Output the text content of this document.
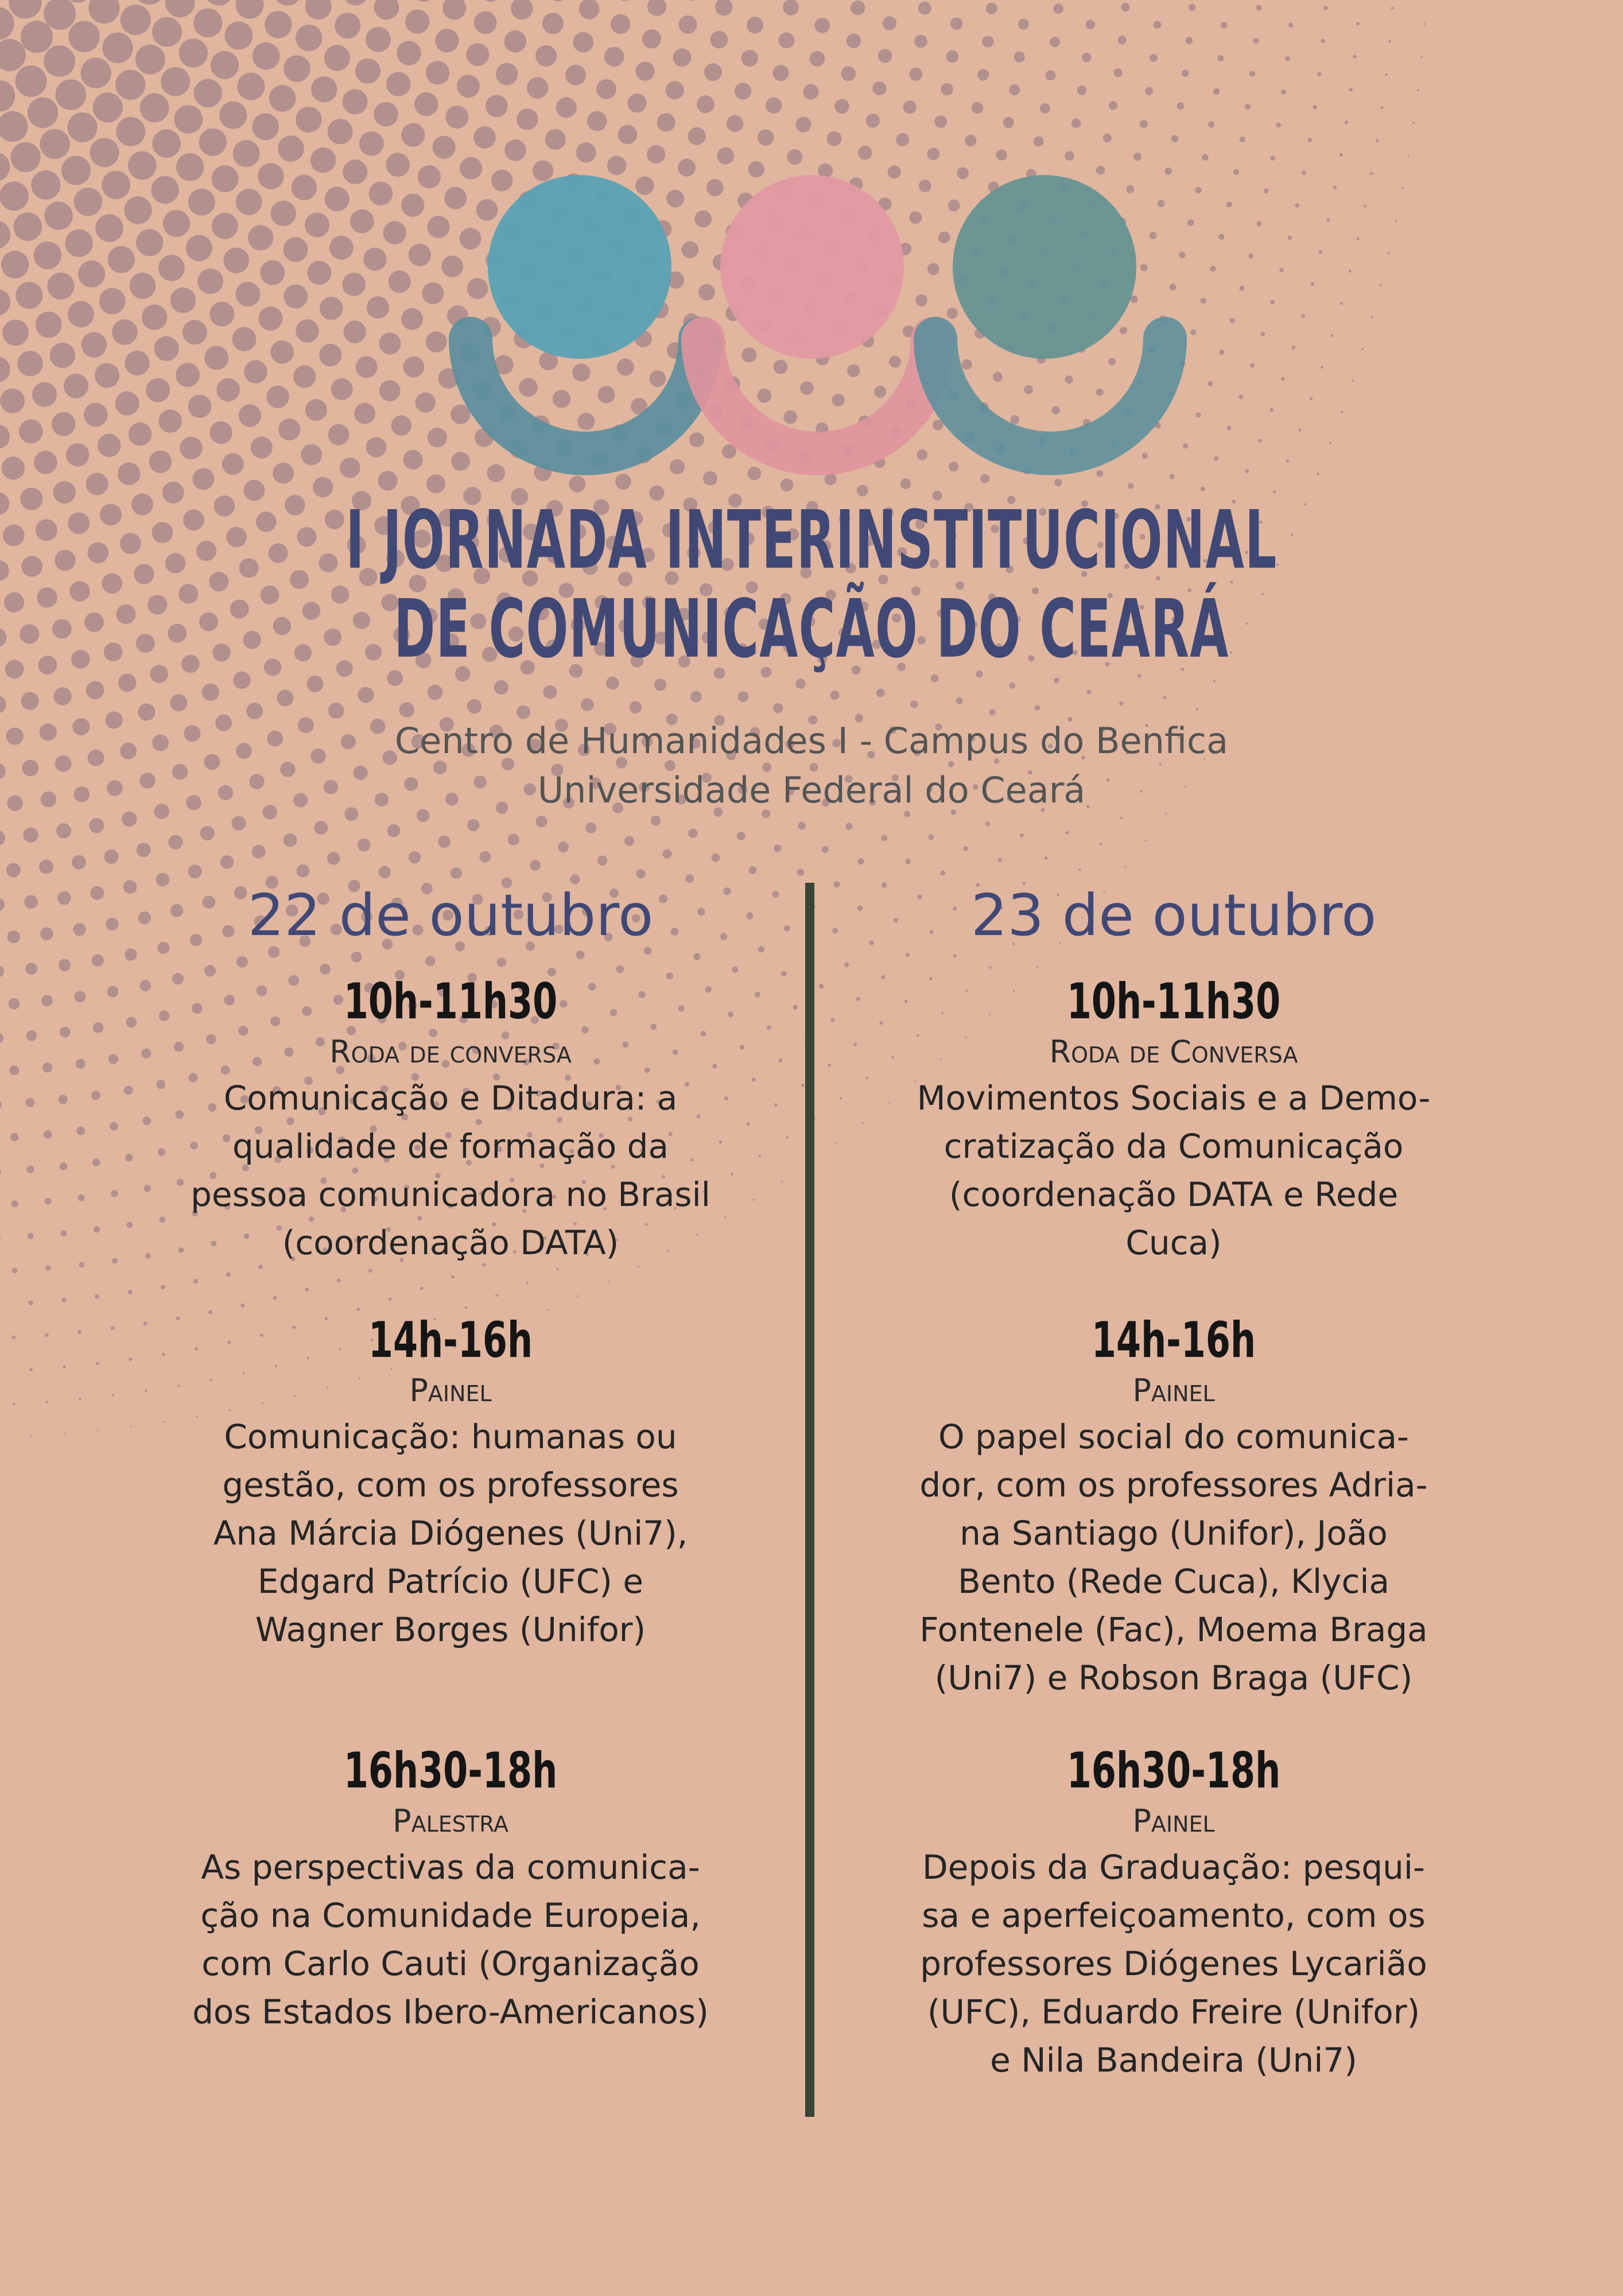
I JORNADA INTERINSTITUCIONAL
DE COMUNICAÇÃO DO CEARÁ
Centro de Humanidades I - Campus do Benfica
Universidade Federal do Ceará
22 de outubro
10h-11h30
Roda de conversa
Comunicação e Ditadura: a
qualidade de formação da
pessoa comunicadora no Brasil
(coordenação DATA)
14h-16h
Painel
Comunicação: humanas ou
gestão, com os professores
Ana Márcia Diógenes (Uni7),
Edgard Patrício (UFC) e
Wagner Borges (Unifor)
16h30-18h
Palestra
As perspectivas da comunica-
ção na Comunidade Europeia,
com Carlo Cauti (Organização
dos Estados Ibero-Americanos)
23 de outubro
10h-11h30
Roda de Conversa
Movimentos Sociais e a Demo-
cratização da Comunicação
(coordenação DATA e Rede
Cuca)
14h-16h
Painel
O papel social do comunica-
dor, com os professores Adria-
na Santiago (Unifor), João
Bento (Rede Cuca), Klycia
Fontenele (Fac), Moema Braga
(Uni7) e Robson Braga (UFC)
16h30-18h
Painel
Depois da Graduação: pesqui-
sa e aperfeiçoamento, com os
professores Diógenes Lycarião
(UFC), Eduardo Freire (Unifor)
e Nila Bandeira (Uni7)
